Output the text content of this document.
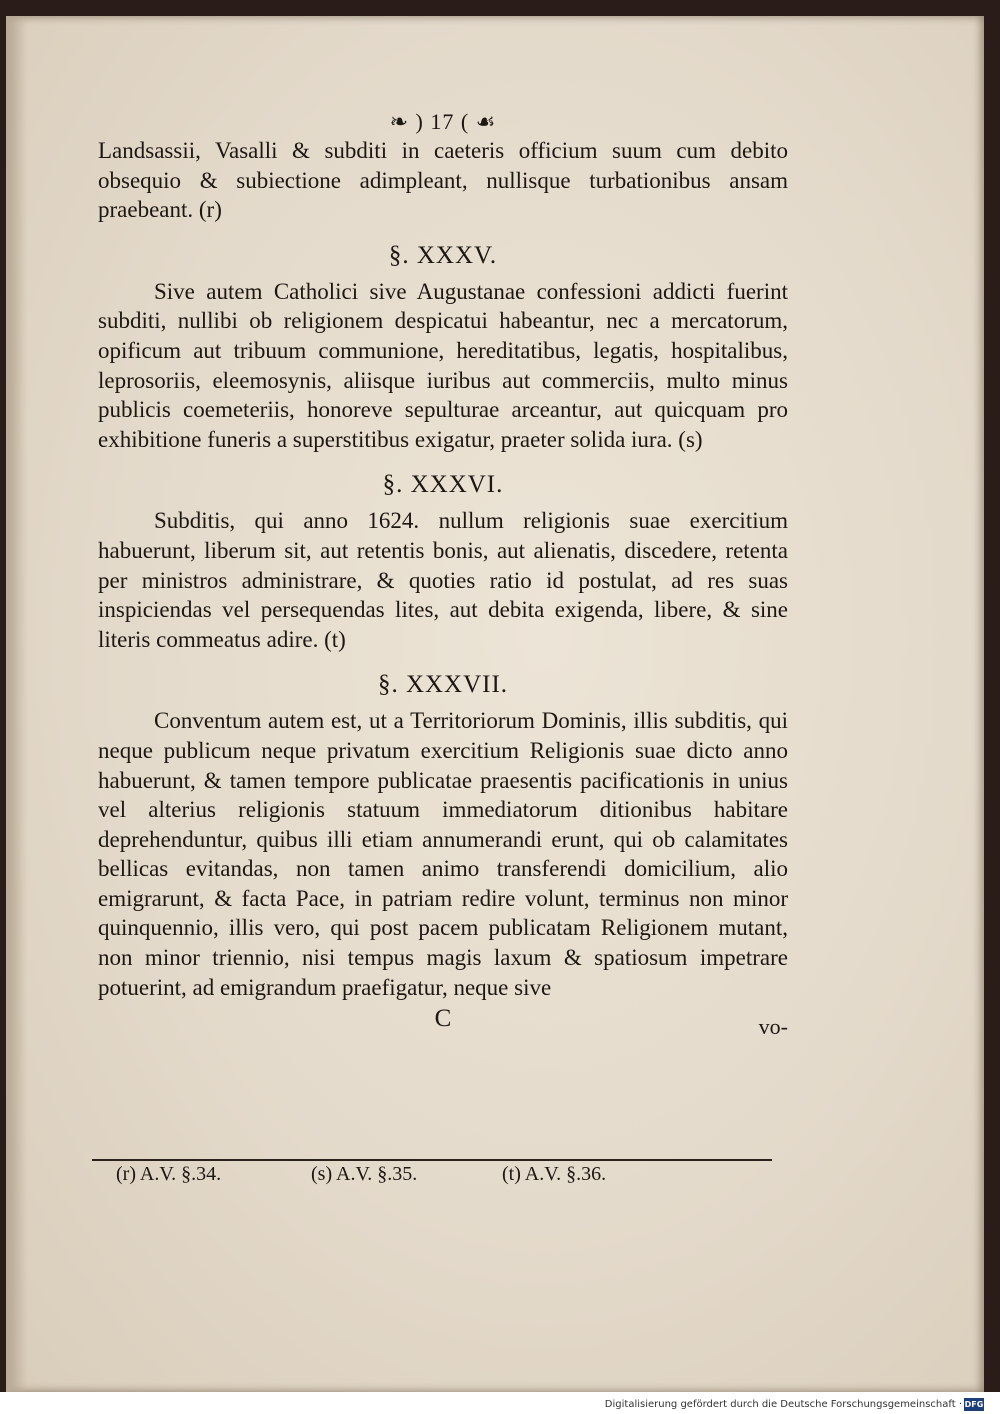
❧ ) 17 ( ☙

Landsassii, Vasalli & subditi in caeteris officium suum cum debito obsequio & subiectione adimpleant, nullisque turbationibus ansam praebeant. (r)

§. XXXV.

Sive autem Catholici sive Augustanae confessioni addicti fuerint subditi, nullibi ob religionem despicatui habeantur, nec a mercatorum, opificum aut tribuum communione, hereditatibus, legatis, hospitalibus, leprosoriis, eleemosynis, aliisque iuribus aut commerciis, multo minus publicis coemeteriis, honoreve sepulturae arceantur, aut quicquam pro exhibitione funeris a superstitibus exigatur, praeter solida iura. (s)

§. XXXVI.

Subditis, qui anno 1624. nullum religionis suae exercitium habuerunt, liberum sit, aut retentis bonis, aut alienatis, discedere, retenta per ministros administrare, & quoties ratio id postulat, ad res suas inspiciendas vel persequendas lites, aut debita exigenda, libere, & sine literis commeatus adire. (t)

§. XXXVII.

Conventum autem est, ut a Territoriorum Dominis, illis subditis, qui neque publicum neque privatum exercitium Religionis suae dicto anno habuerunt, & tamen tempore publicatae praesentis pacificationis in unius vel alterius religionis statuum immediatorum ditionibus habitare deprehenduntur, quibus illi etiam annumerandi erunt, qui ob calamitates bellicas evitandas, non tamen animo transferendi domicilium, alio emigrarunt, & facta Pace, in patriam redire volunt, terminus non minor quinquennio, illis vero, qui post pacem publicatam Religionem mutant, non minor triennio, nisi tempus magis laxum & spatiosum impetrare potuerint, ad emigrandum praefigatur, neque sive

C	vo-
(r) A.V. §.34.	(s) A.V. §.35.	(t) A.V. §.36.
Digitalisierung gefördert durch die Deutsche Forschungsgemeinschaft · DFG
